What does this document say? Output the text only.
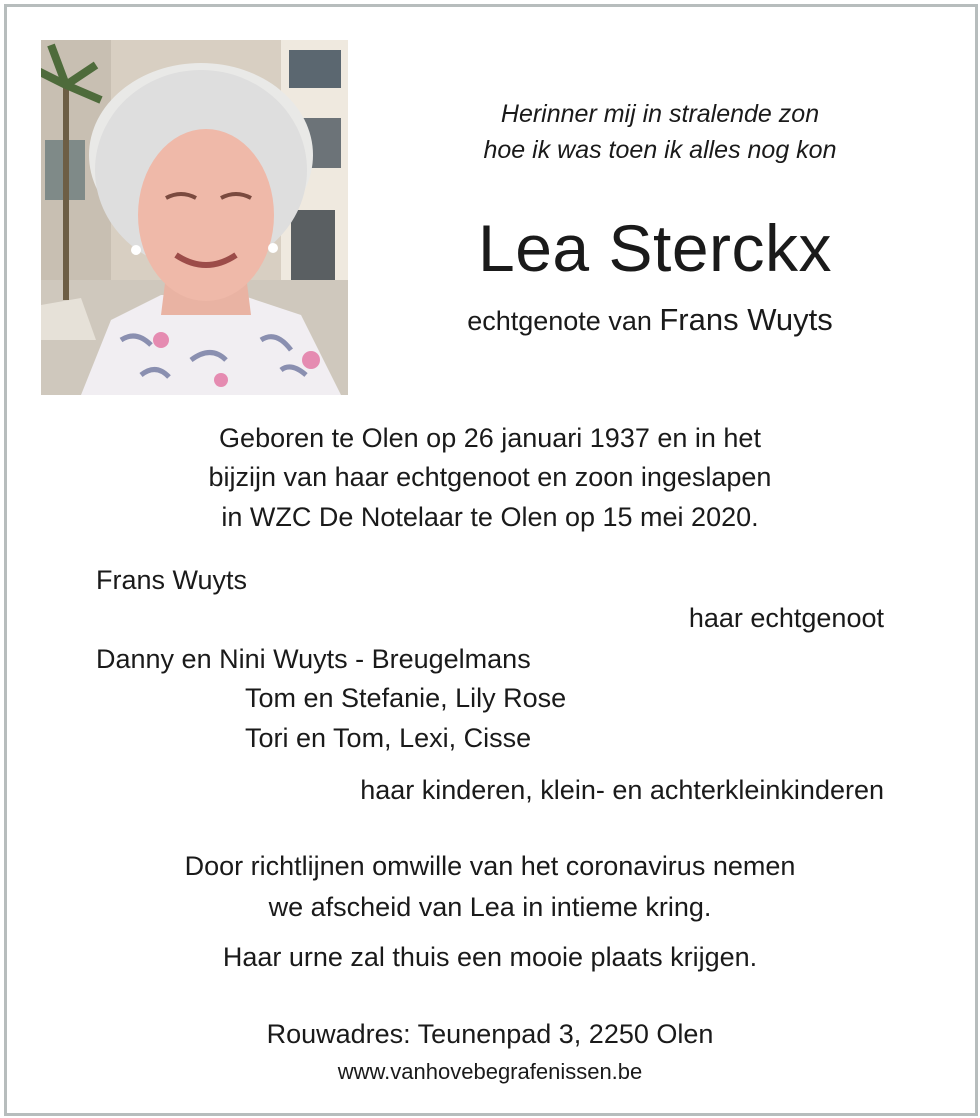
Herinner mij in stralende zon
hoe ik was toen ik alles nog kon
Lea Sterckx
echtgenote van Frans Wuyts
Geboren te Olen op 26 januari 1937 en in het
bijzijn van haar echtgenoot en zoon ingeslapen
in WZC De Notelaar te Olen op 15 mei 2020.
Frans Wuyts
haar echtgenoot
Danny en Nini Wuyts - Breugelmans
Tom en Stefanie, Lily Rose
Tori en Tom, Lexi, Cisse
haar kinderen, klein- en achterkleinkinderen
Door richtlijnen omwille van het coronavirus nemen
we afscheid van Lea in intieme kring.
Haar urne zal thuis een mooie plaats krijgen.
Rouwadres: Teunenpad 3, 2250 Olen
www.vanhovebegrafenissen.be
